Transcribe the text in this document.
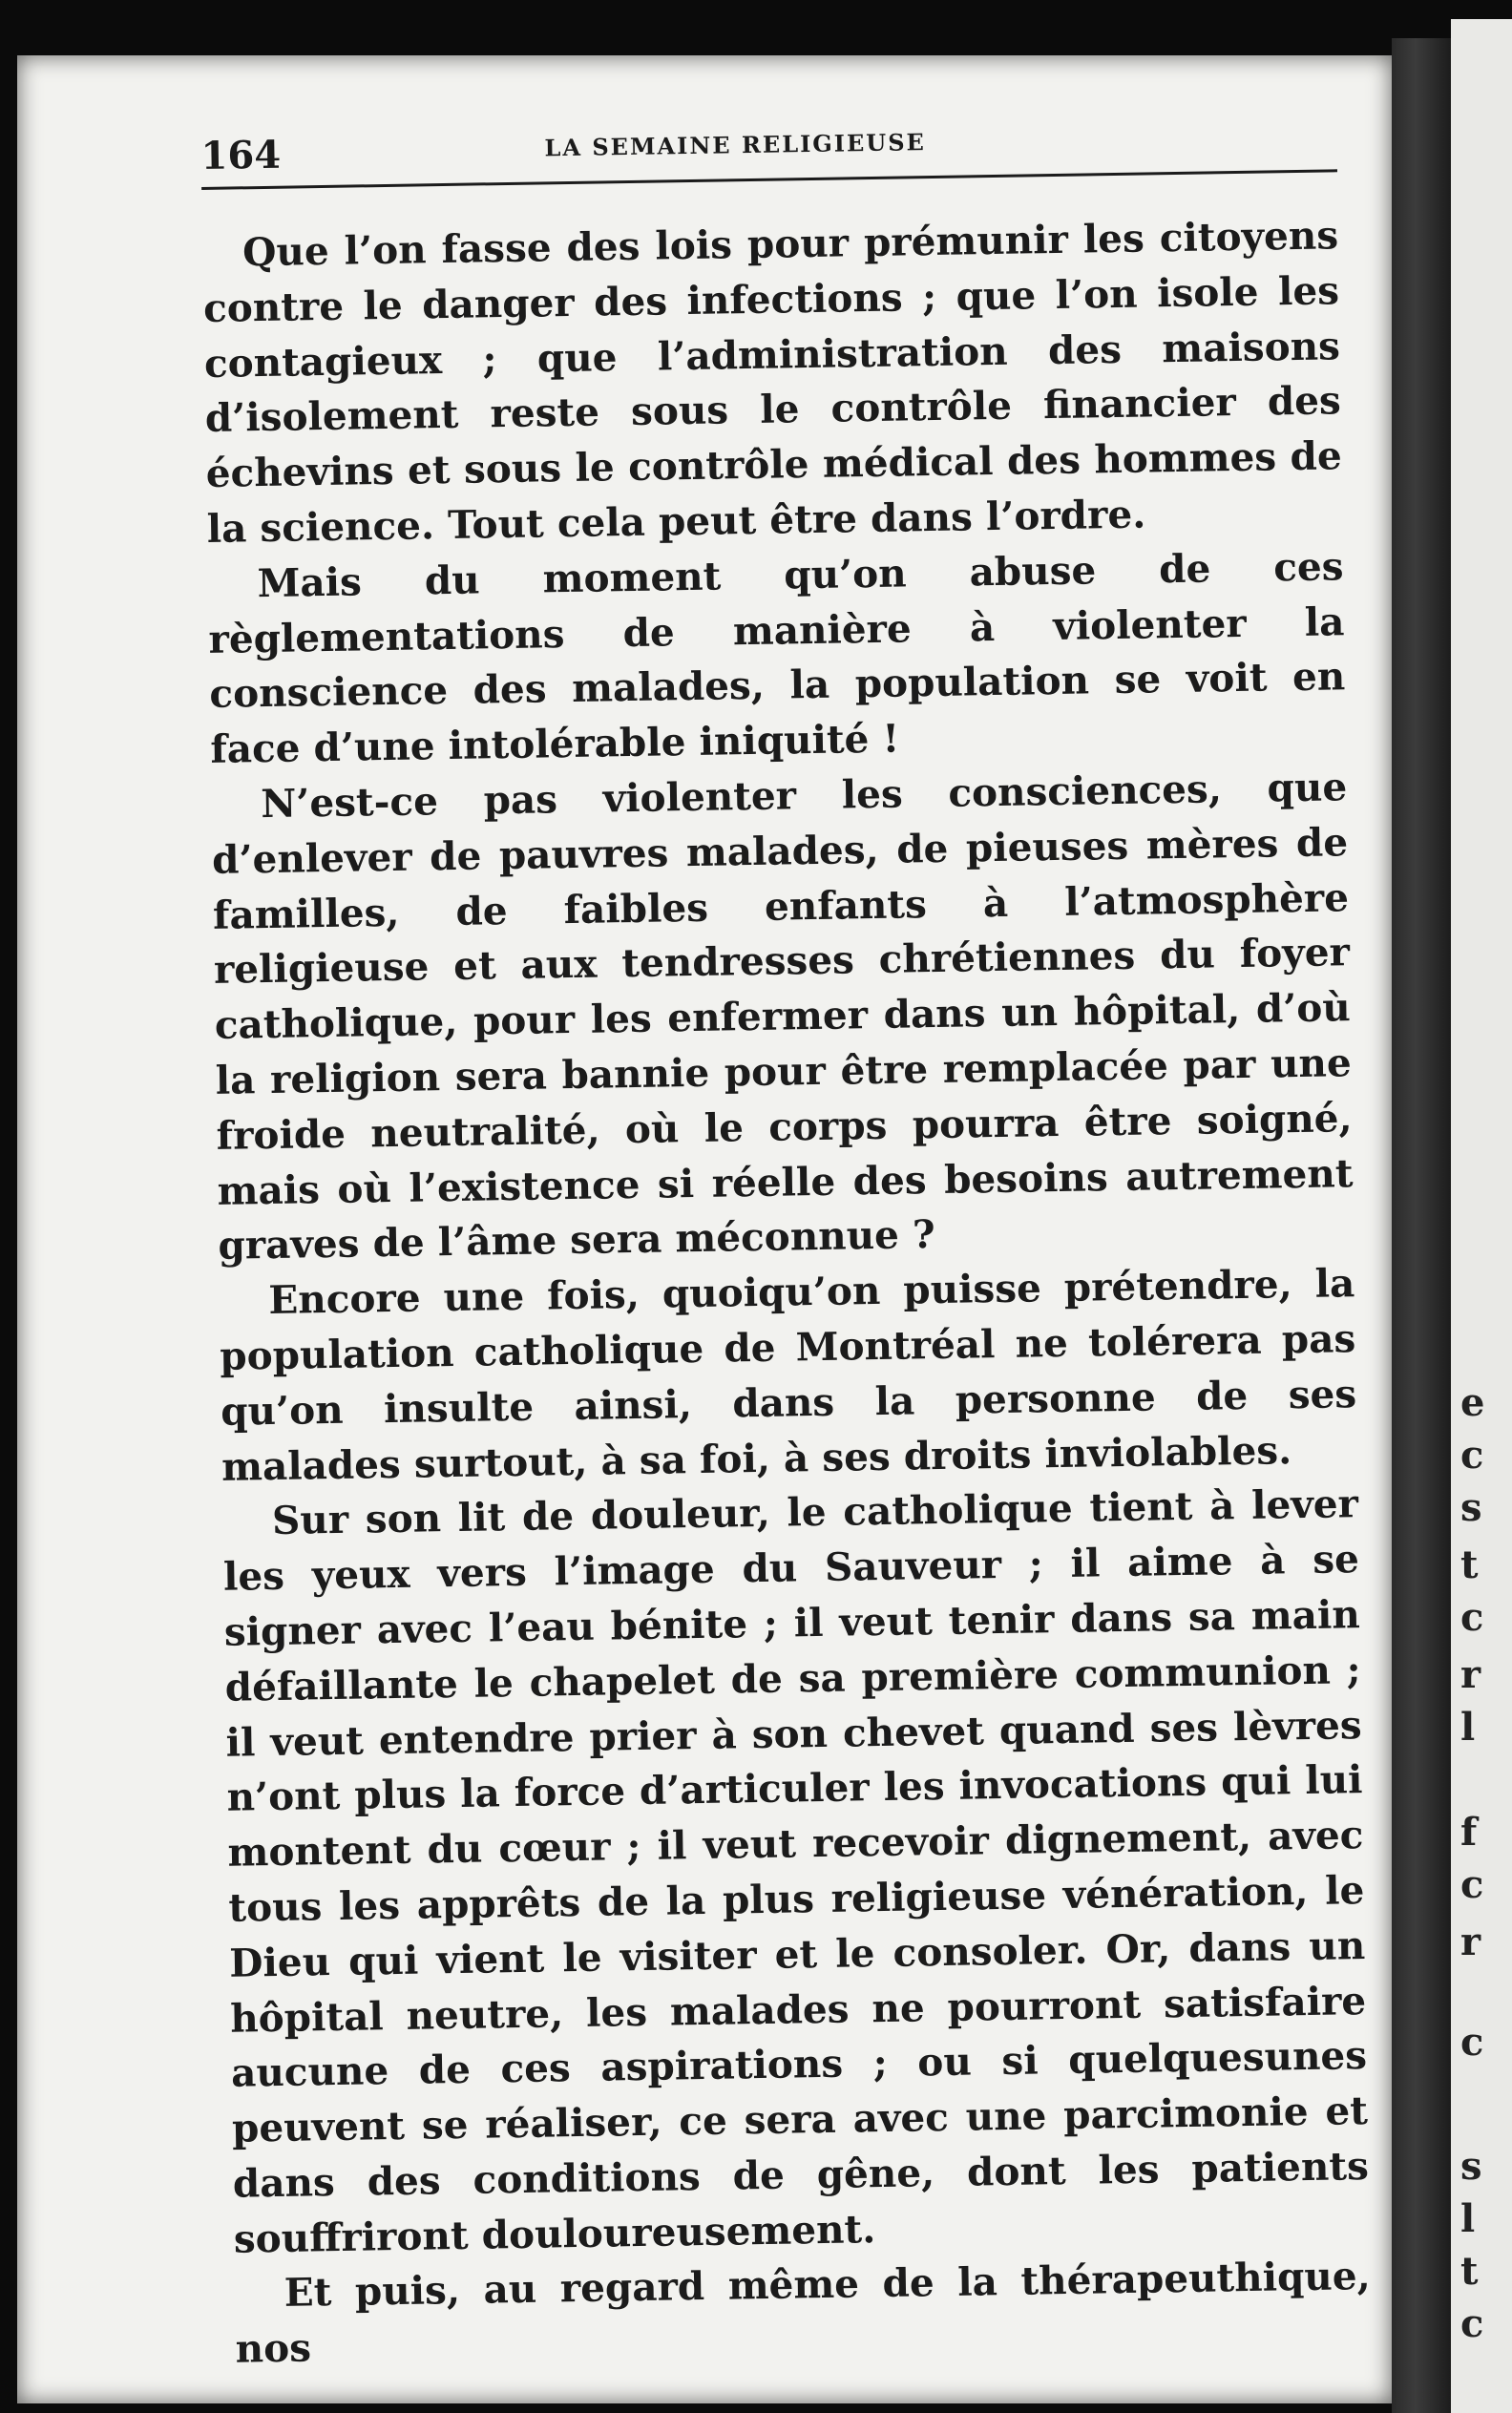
e
c
s
t
c
r
l
f
c
r
c
s
l
t
c
164	LA SEMAINE RELIGIEUSE

Que l’on fasse des lois pour prémunir les citoyens contre le danger des infections ; que l’on isole les contagieux ; que l’administration des maisons d’isolement reste sous le contrôle financier des échevins et sous le contrôle médical des hommes de la science. Tout cela peut être dans l’ordre.

Mais du moment qu’on abuse de ces règlementations de manière à violenter la conscience des malades, la population se voit en face d’une intolérable iniquité !

N’est-ce pas violenter les consciences, que d’enlever de pauvres malades, de pieuses mères de familles, de faibles enfants à l’atmosphère religieuse et aux tendresses chrétiennes du foyer catholique, pour les enfermer dans un hôpital, d’où la religion sera bannie pour être remplacée par une froide neutralité, où le corps pourra être soigné, mais où l’existence si réelle des besoins autrement graves de l’âme sera méconnue ?

Encore une fois, quoiqu’on puisse prétendre, la population catholique de Montréal ne tolérera pas qu’on insulte ainsi, dans la personne de ses malades surtout, à sa foi, à ses droits inviolables.

Sur son lit de douleur, le catholique tient à lever les yeux vers l’image du Sauveur ; il aime à se signer avec l’eau bénite ; il veut tenir dans sa main défaillante le chapelet de sa première communion ; il veut entendre prier à son chevet quand ses lèvres n’ont plus la force d’articuler les invocations qui lui montent du cœur ; il veut recevoir dignement, avec tous les apprêts de la plus religieuse vénération, le Dieu qui vient le visiter et le consoler. Or, dans un hôpital neutre, les malades ne pourront satisfaire aucune de ces aspirations ; ou si quelquesunes peuvent se réaliser, ce sera avec une parcimonie et dans des conditions de gêne, dont les patients souffriront douloureusement.

Et puis, au regard même de la thérapeuthique, nos
